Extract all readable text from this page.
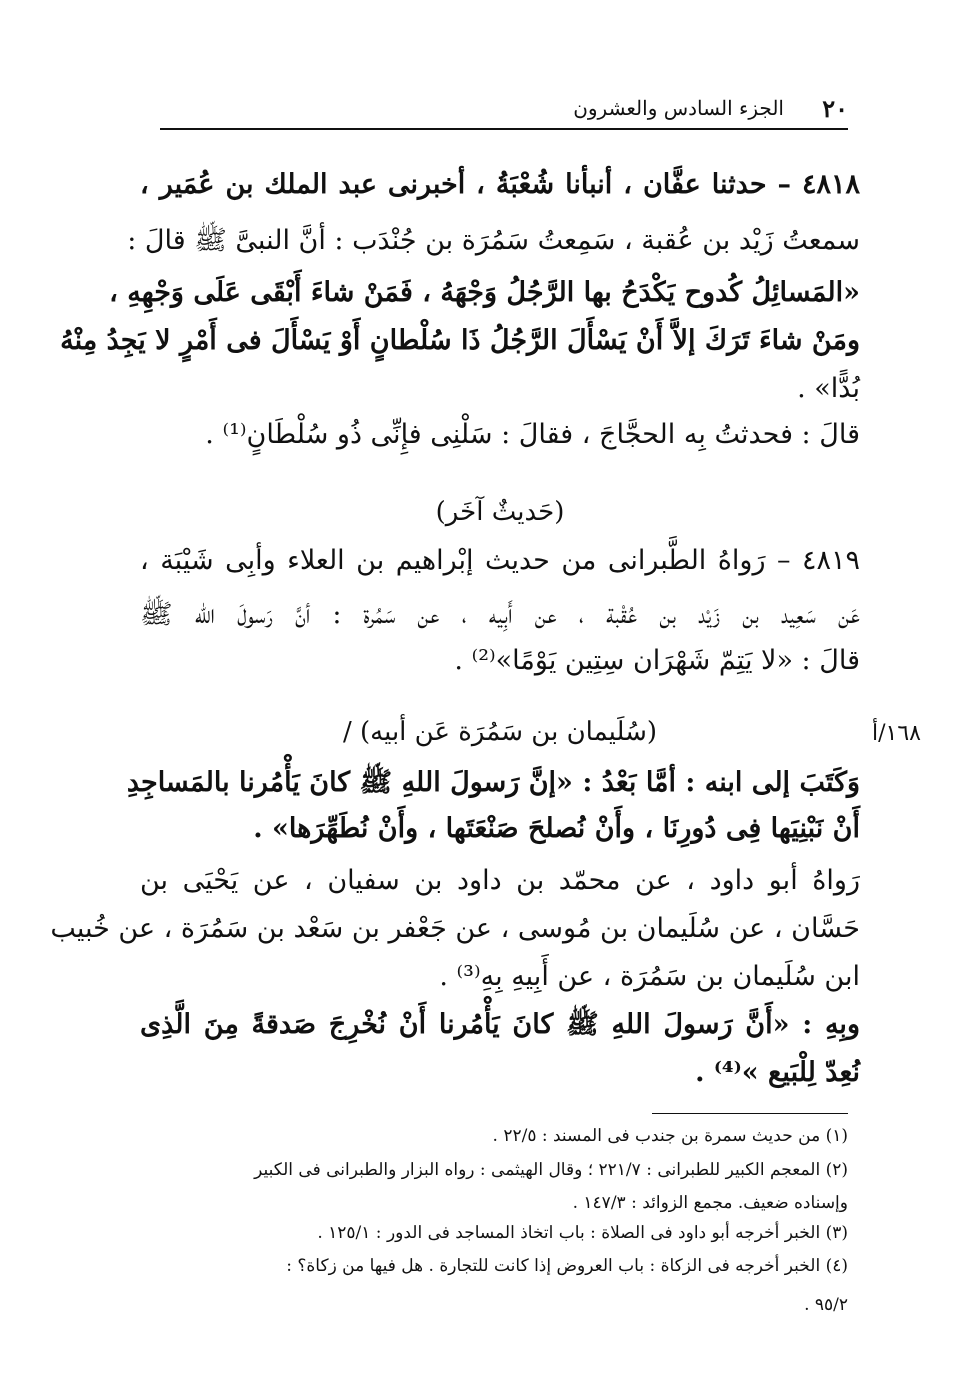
٢٠
الجزء السادس والعشرون
٤٨١٨ – حدثنا عفَّان ، أنبأنا شُعْبَةُ ، أخبرنى عبد الملك بن عُمَير ،
سمعتُ زَيْد بن عُقبة ، سَمِعتُ سَمُرَة بن جُنْدَب : أنَّ النبىَّ ﷺ قالَ :
«المَسائِلُ كُدوح يَكْدَحُ بها الرَّجُلُ وَجْهَهُ ، فَمَنْ شاءَ أَبْقَى عَلَى وَجْهِهِ ،
ومَنْ شاءَ تَرَكَ إلاَّ أَنْ يَسْأَلَ الرَّجُلُ ذَا سُلْطانٍ أَوْ يَسْأَلَ فى أَمْرٍ لا يَجِدُ مِنْهُ
بُدًّا» .
قالَ : فحدثتُ بِه الحجَّاجَ ، فقالَ : سَلْنِى فإِنِّى ذُو سُلْطَانٍ⁽¹⁾ .
(حَديثٌ آخَر)
٤٨١٩ – رَواهُ الطَّبرانى من حديث إبْراهيم بن العلاء وأبِى شَيْبَة ،
عَن سَعِيد بن زَيْد بن عُقْبة ، عن أَبِيه ، عن سَمُرة : أنَّ رَسولَ الله ﷺ
قالَ : «لا يَتِمّ شَهْرَان سِتِين يَوْمًا»⁽²⁾ .
(سُلَيمان بن سَمُرَة عَن أبيه) /	١٦٨/أ
وَكَتَبَ إلى ابنه : أمَّا بَعْدُ : «إنَّ رَسولَ اللهِ ﷺ كانَ يَأْمُرنا بالمَساجِدِ
أَنْ نَبْنِيَها فِى دُورِنَا ، وأَنْ نُصلحَ صَنْعَتَها ، وأَنْ نُطَهِّرَها» .
رَواهُ أبو داود ، عن محمّد بن داود بن سفيان ، عن يَحْيَى بن
حَسَّان ، عن سُلَيمان بن مُوسى ، عن جَعْفر بن سَعْد بن سَمُرَة ، عن خُبيب
ابن سُلَيمان بن سَمُرَة ، عن أَبِيهِ بِهِ⁽³⁾ .
وبِهِ : «أَنَّ رَسولَ اللهِ ﷺ كانَ يَأْمُرنا أَنْ نُخْرِجَ صَدقةً مِنَ الَّذِى
نُعِدّ لِلْبَيع »⁽⁴⁾ .
(١) من حديث سمرة بن جندب فى المسند : ٢٢/٥ .
(٢) المعجم الكبير للطبرانى : ٢٢١/٧ ؛ وقال الهيثمى : رواه البزار والطبرانى فى الكبير
وإسناده ضعيف. مجمع الزوائد : ١٤٧/٣ .
(٣) الخبر أخرجه أبو داود فى الصلاة : باب اتخاذ المساجد فى الدور : ١٢٥/١ .
(٤) الخبر أخرجه فى الزكاة : باب العروض إذا كانت للتجارة . هل فيها من زكاة؟ :
٩٥/٢ .
